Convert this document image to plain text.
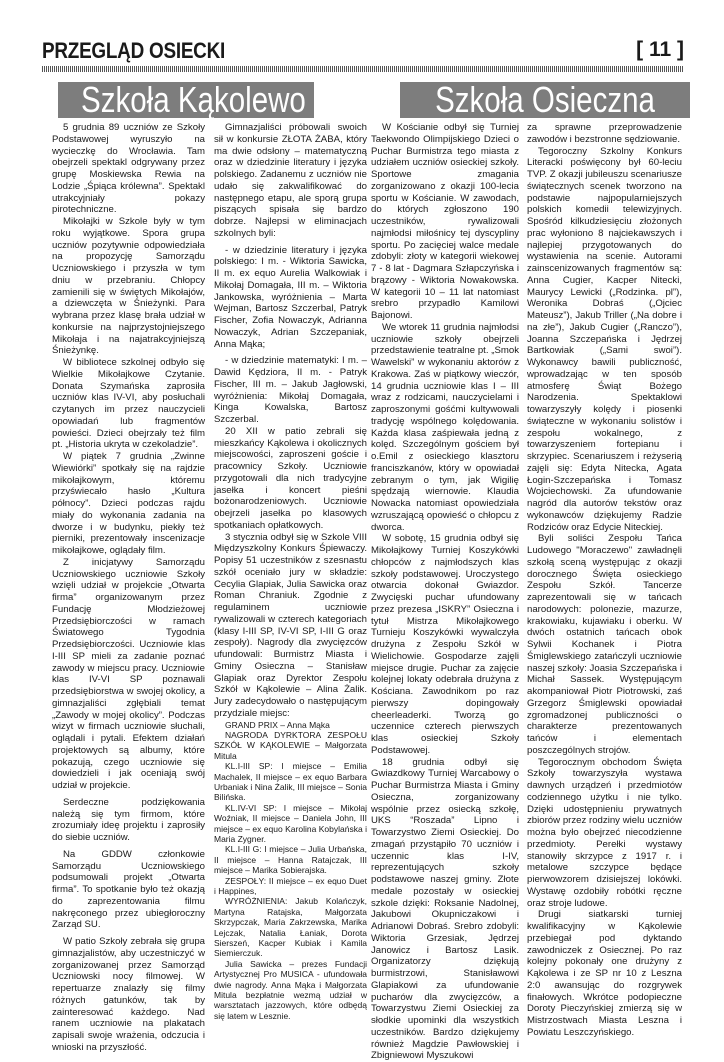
PRZEGLĄD OSIECKI	[ 11 ]
Szkoła Kąkolewo	Szkoła Osieczna

5 grudnia 89 uczniów ze Szkoły Podstawowej wyruszyło na wycieczkę do Wrocławia. Tam obejrzeli spektakl odgrywany przez grupę Moskiewska Rewia na Lodzie „Śpiąca królewna”. Spektakl utrakcyjniały pokazy pirotechniczne.

Mikołajki w Szkole były w tym roku wyjątkowe. Spora grupa uczniów pozytywnie odpowiedziała na propozycję Samorządu Uczniowskiego i przyszła w tym dniu w przebraniu. Chłopcy zamienili się w świętych Mikołajów, a dziewczęta w Śnieżynki. Para wybrana przez klasę brała udział w konkursie na najprzystojniejszego Mikołaja i na najatrakcyjniejszą Śnieżynkę.

W bibliotece szkolnej odbyło się Wielkie Mikołajkowe Czytanie. Donata Szymańska zaprosiła uczniów klas IV-VI, aby posłuchali czytanych im przez nauczycieli opowiadań lub fragmentów powieści. Dzieci obejrzały też film pt. „Historia ukryta w czekoladzie”.

W piątek 7 grudnia „Zwinne Wiewiórki” spotkały się na rajdzie mikołajkowym, któremu przyświecało hasło „Kultura północy”. Dzieci podczas rajdu miały do wykonania zadania na dworze i w budynku, piekły też pierniki, prezentowały inscenizacje mikołajkowe, oglądały film.

Z inicjatywy Samorządu Uczniowskiego uczniowie Szkoły wzięli udział w projekcie „Otwarta firma” organizowanym przez Fundację Młodzieżowej Przedsiębiorczości w ramach Światowego Tygodnia Przedsiębiorczości. Uczniowie klas I-III SP mieli za zadanie poznać zawody w miejscu pracy. Uczniowie klas IV-VI SP poznawali przedsiębiorstwa w swojej okolicy, a gimnazjaliści zgłębiali temat „Zawody w mojej okolicy”. Podczas wizyt w firmach uczniowie słuchali, oglądali i pytali. Efektem działań projektowych są albumy, które pokazują, czego uczniowie się dowiedzieli i jak oceniają swój udział w projekcie.

Serdeczne podziękowania należą się tym firmom, które zrozumiały ideę projektu i zaprosiły do siebie uczniów.

Na GDDW członkowie Samorządu Uczniowskiego podsumowali projekt „Otwarta firma”. To spotkanie było też okazją do zaprezentowania filmu nakręconego przez ubiegłoroczny Zarząd SU.

W patio Szkoły zebrała się grupa gimnazjalistów, aby uczestniczyć w zorganizowanej przez Samorząd Uczniowski nocy filmowej. W repertuarze znalazły się filmy różnych gatunków, tak by zainteresować każdego. Nad ranem uczniowie na plakatach zapisali swoje wrażenia, odczucia i wnioski na przyszłość.

Gimnazjaliści próbowali swoich sił w konkursie ZŁOTA ŻABA, który ma dwie odsłony – matematyczną oraz w dziedzinie literatury i języka polskiego. Zadanemu z uczniów nie udało się zakwalifikować do następnego etapu, ale sporą grupa piszących spisała się bardzo dobrze. Najlepsi w eliminacjach szkolnych byli:

- w dziedzinie literatury i języka polskiego: I m. - Wiktoria Sawicka, II m. ex equo Aurelia Walkowiak i Mikołaj Domagała, III m. – Wiktoria Jankowska, wyróżnienia – Marta Wejman, Bartosz Szczerbal, Patryk Fischer, Zofia Nowaczyk, Adrianna Nowaczyk, Adrian Szczepaniak, Anna Mąka;

- w dziedzinie matematyki: I m. – Dawid Kędziora, II m. - Patryk Fischer, III m. – Jakub Jagłowski, wyróżnienia: Mikołaj Domagała, Kinga Kowalska, Bartosz Szczerbal.

20 XII w patio zebrali się mieszkańcy Kąkolewa i okolicznych miejscowości, zaproszeni goście i pracownicy Szkoły. Uczniowie przygotowali dla nich tradycyjne jasełka i koncert pieśni bożonarodzeniowych. Uczniowie obejrzeli jasełka po klasowych spotkaniach opłatkowych.

3 stycznia odbył się w Szkole VIII Międzyszkolny Konkurs Śpiewaczy. Popisy 51 uczestników z szesnastu szkół oceniało jury w składzie: Cecylia Glapiak, Julia Sawicka oraz Roman Chraniuk. Zgodnie z regulaminem uczniowie rywalizowali w czterech kategoriach (klasy I-III SP, IV-VI SP, I-III G oraz zespoły). Nagrody dla zwycięzców ufundowali: Burmistrz Miasta i Gminy Osieczna – Stanisław Glapiak oraz Dyrektor Zespołu Szkół w Kąkolewie – Alina Żalik. Jury zadecydowało o następującym przydziale miejsc:

GRAND PRIX – Anna Mąka

NAGRODA DYRKTORA ZESPOŁU SZKÓŁ W KĄKOLEWIE – Małgorzata Mitula

KL.I-III SP: I miejsce – Emilia Machalek, II miejsce – ex equo Barbara Urbaniak i Nina Żalik, III miejsce – Sonia Bilińska.

KL.IV-VI SP: I miejsce – Mikołaj Woźniak, II miejsce – Daniela John, III miejsce – ex equo Karolina Kobylańska i Maria Zygner.

KL.I-III G: I miejsce – Julia Urbańska, II miejsce – Hanna Ratajczak, III miejsce – Marika Sobierajska.

ZESPOŁY: II miejsce – ex equo Duet i Happines,

WYRÓŻNIENIA: Jakub Kolańczyk, Martyna Ratajska, Małgorzata Skrzypczak, Maria Zakrzewska, Marika Lejczak, Natalia Łaniak, Dorota Sierszeń, Kacper Kubiak i Kamila Siemierczuk.

Julia Sawicka – prezes Fundacji Artystycznej Pro MUSICA - ufundowała dwie nagrody. Anna Mąka i Małgorzata Mitula bezpłatnie wezmą udział w warsztatach jazzowych, które odbędą się latem w Lesznie.

W Kościanie odbył się Turniej Taekwondo Olimpijskiego Dzieci o Puchar Burmistrza tego miasta z udziałem uczniów osieckiej szkoły. Sportowe zmagania zorganizowano z okazji 100-lecia sportu w Kościanie. W zawodach, do których zgłoszono 190 uczestników, rywalizowali najmłodsi miłośnicy tej dyscypliny sportu. Po zacięciej walce medale zdobyli: złoty w kategorii wiekowej 7 - 8 lat - Dagmara Szłapczyńska i brązowy - Wiktoria Nowakowska. W kategorii 10 – 11 lat natomiast srebro przypadło Kamilowi Bajonowi.

We wtorek 11 grudnia najmłodsi uczniowie szkoły obejrzeli przedstawienie teatralne pt. „Smok Wawelski” w wykonaniu aktorów z Krakowa. Zaś w piątkowy wieczór, 14 grudnia uczniowie klas I – III wraz z rodzicami, nauczycielami i zaproszonymi gośćmi kultywowali tradycję wspólnego kolędowania. Każda klasa zaśpiewała jedną z kolęd. Szczególnym gościem był o.Emil z osieckiego klasztoru franciszkanów, który w opowiadał zebranym o tym, jak Wigilię spędzają wiernowie. Klaudia Nowacka natomiast opowiedziała wzruszającą opowieść o chłopcu z dworca.

W sobotę, 15 grudnia odbył się Mikołajkowy Turniej Koszykówki chłopców z najmłodszych klas szkoły podstawowej. Uroczystego otwarcia dokonał Gwiazdor. Zwycięski puchar ufundowany przez prezesa „ISKRY” Osieczna i tytuł Mistrza Mikołajkowego Turnieju Koszykówki wywalczyła drużyna z Zespołu Szkół w Wielichowie. Gospodarze zajęli miejsce drugie. Puchar za zajęcie kolejnej lokaty odebrała drużyna z Kościana. Zawodnikom po raz pierwszy dopingowały cheerleaderki. Tworzą go uczennice czterech pierwszych klas osieckiej Szkoły Podstawowej.

18 grudnia odbył się Gwiazdkowy Turniej Warcabowy o Puchar Burmistrza Miasta i Gminy Osieczna, zorganizowany wspólnie przez osiecką szkołę, UKS “Roszada” Lipno i Towarzystwo Ziemi Osieckiej. Do zmagań przystąpiło 70 uczniów i uczennic klas I-IV, reprezentujących szkoły podstawowe naszej gminy. Złote medale pozostały w osieckiej szkole dzięki: Roksanie Nadolnej, Jakubowi Okupniczakowi i Adrianowi Dobraś. Srebro zdobyli: Wiktoria Grzesiak, Jędrzej Janowicz i Bartosz Lasik. Organizatorzy dziękują burmistrzowi, Stanisławowi Glapiakowi za ufundowanie pucharów dla zwycięzców, a Towarzystwu Ziemi Osieckiej za słodkie upominki dla wszystkich uczestników. Bardzo dziękujemy również Magdzie Pawłowskiej i Zbigniewowi Myszukowi

za sprawne przeprowadzenie zawodów i bezstronne sędziowanie.

Tegoroczny Szkolny Konkurs Literacki poświęcony był 60-leciu TVP. Z okazji jubileuszu scenariusze świątecznych scenek tworzono na podstawie najpopularniejszych polskich komedii telewizyjnych. Spośród kilkudziesięciu złożonych prac wyłoniono 8 najciekawszych i najlepiej przygotowanych do wystawienia na scenie. Autorami zainscenizowanych fragmentów są: Anna Cugier, Kacper Nitecki, Maurycy Lewicki („Rodzinka. pl”), Weronika Dobraś („Ojciec Mateusz”), Jakub Triller („Na dobre i na złe”), Jakub Cugier („Ranczo”), Joanna Szczepańska i Jędrzej Bartkowiak („Sami swoi”). Wykonawcy bawili publiczność, wprowadzając w ten sposób atmosferę Świąt Bożego Narodzenia. Spektaklowi towarzyszyły kolędy i piosenki świąteczne w wykonaniu solistów i zespołu wokalnego, z towarzyszeniem fortepianu i skrzypiec. Scenariuszem i reżyserią zajęli się: Edyta Nitecka, Agata Łogin-Szczepańska i Tomasz Wojciechowski. Za ufundowanie nagród dla autorów tekstów oraz wykonawców dziękujemy Radzie Rodziców oraz Edycie Niteckiej.

Byli soliści Zespołu Tańca Ludowego "Moraczewo" zawładnęli szkołą sceną występując z okazji dorocznego Święta osieckiego Zespołu Szkół. Tancerze zaprezentowali się w tańcach narodowych: polonezie, mazurze, krakowiaku, kujawiaku i oberku. W dwóch ostatnich tańcach obok Sylwii Kochanek i Piotra Śmiglewskiego zatańczyli uczniowie naszej szkoły: Joasia Szczepańska i Michał Sassek. Występującym akompaniował Piotr Piotrowski, zaś Grzegorz Śmiglewski opowiadał zgromadzonej publiczności o charakterze prezentowanych tańców i elementach poszczególnych strojów.

Tegorocznym obchodom Święta Szkoły towarzyszyła wystawa dawnych urządzeń i przedmiotów codziennego użytku i nie tylko. Dzięki udostępnieniu prywatnych zbiorów przez rodziny wielu uczniów można było obejrzeć niecodzienne przedmioty. Perełki wystawy stanowiły skrzypce z 1917 r. i metalowe szczypce będące pierwowzorem dzisiejszej lokówki. Wystawę ozdobiły robótki ręczne oraz stroje ludowe.

Drugi siatkarski turniej kwalifikacyjny w Kąkolewie przebiegał pod dyktando zawodniczek z Osiecznej. Po raz kolejny pokonały one drużyny z Kąkolewa i ze SP nr 10 z Leszna 2:0 awansując do rozgrywek finałowych. Wkrótce podopieczne Doroty Pieczyńskiej zmierzą się w Mistrzostwach Miasta Leszna i Powiatu Leszczyńskiego.
